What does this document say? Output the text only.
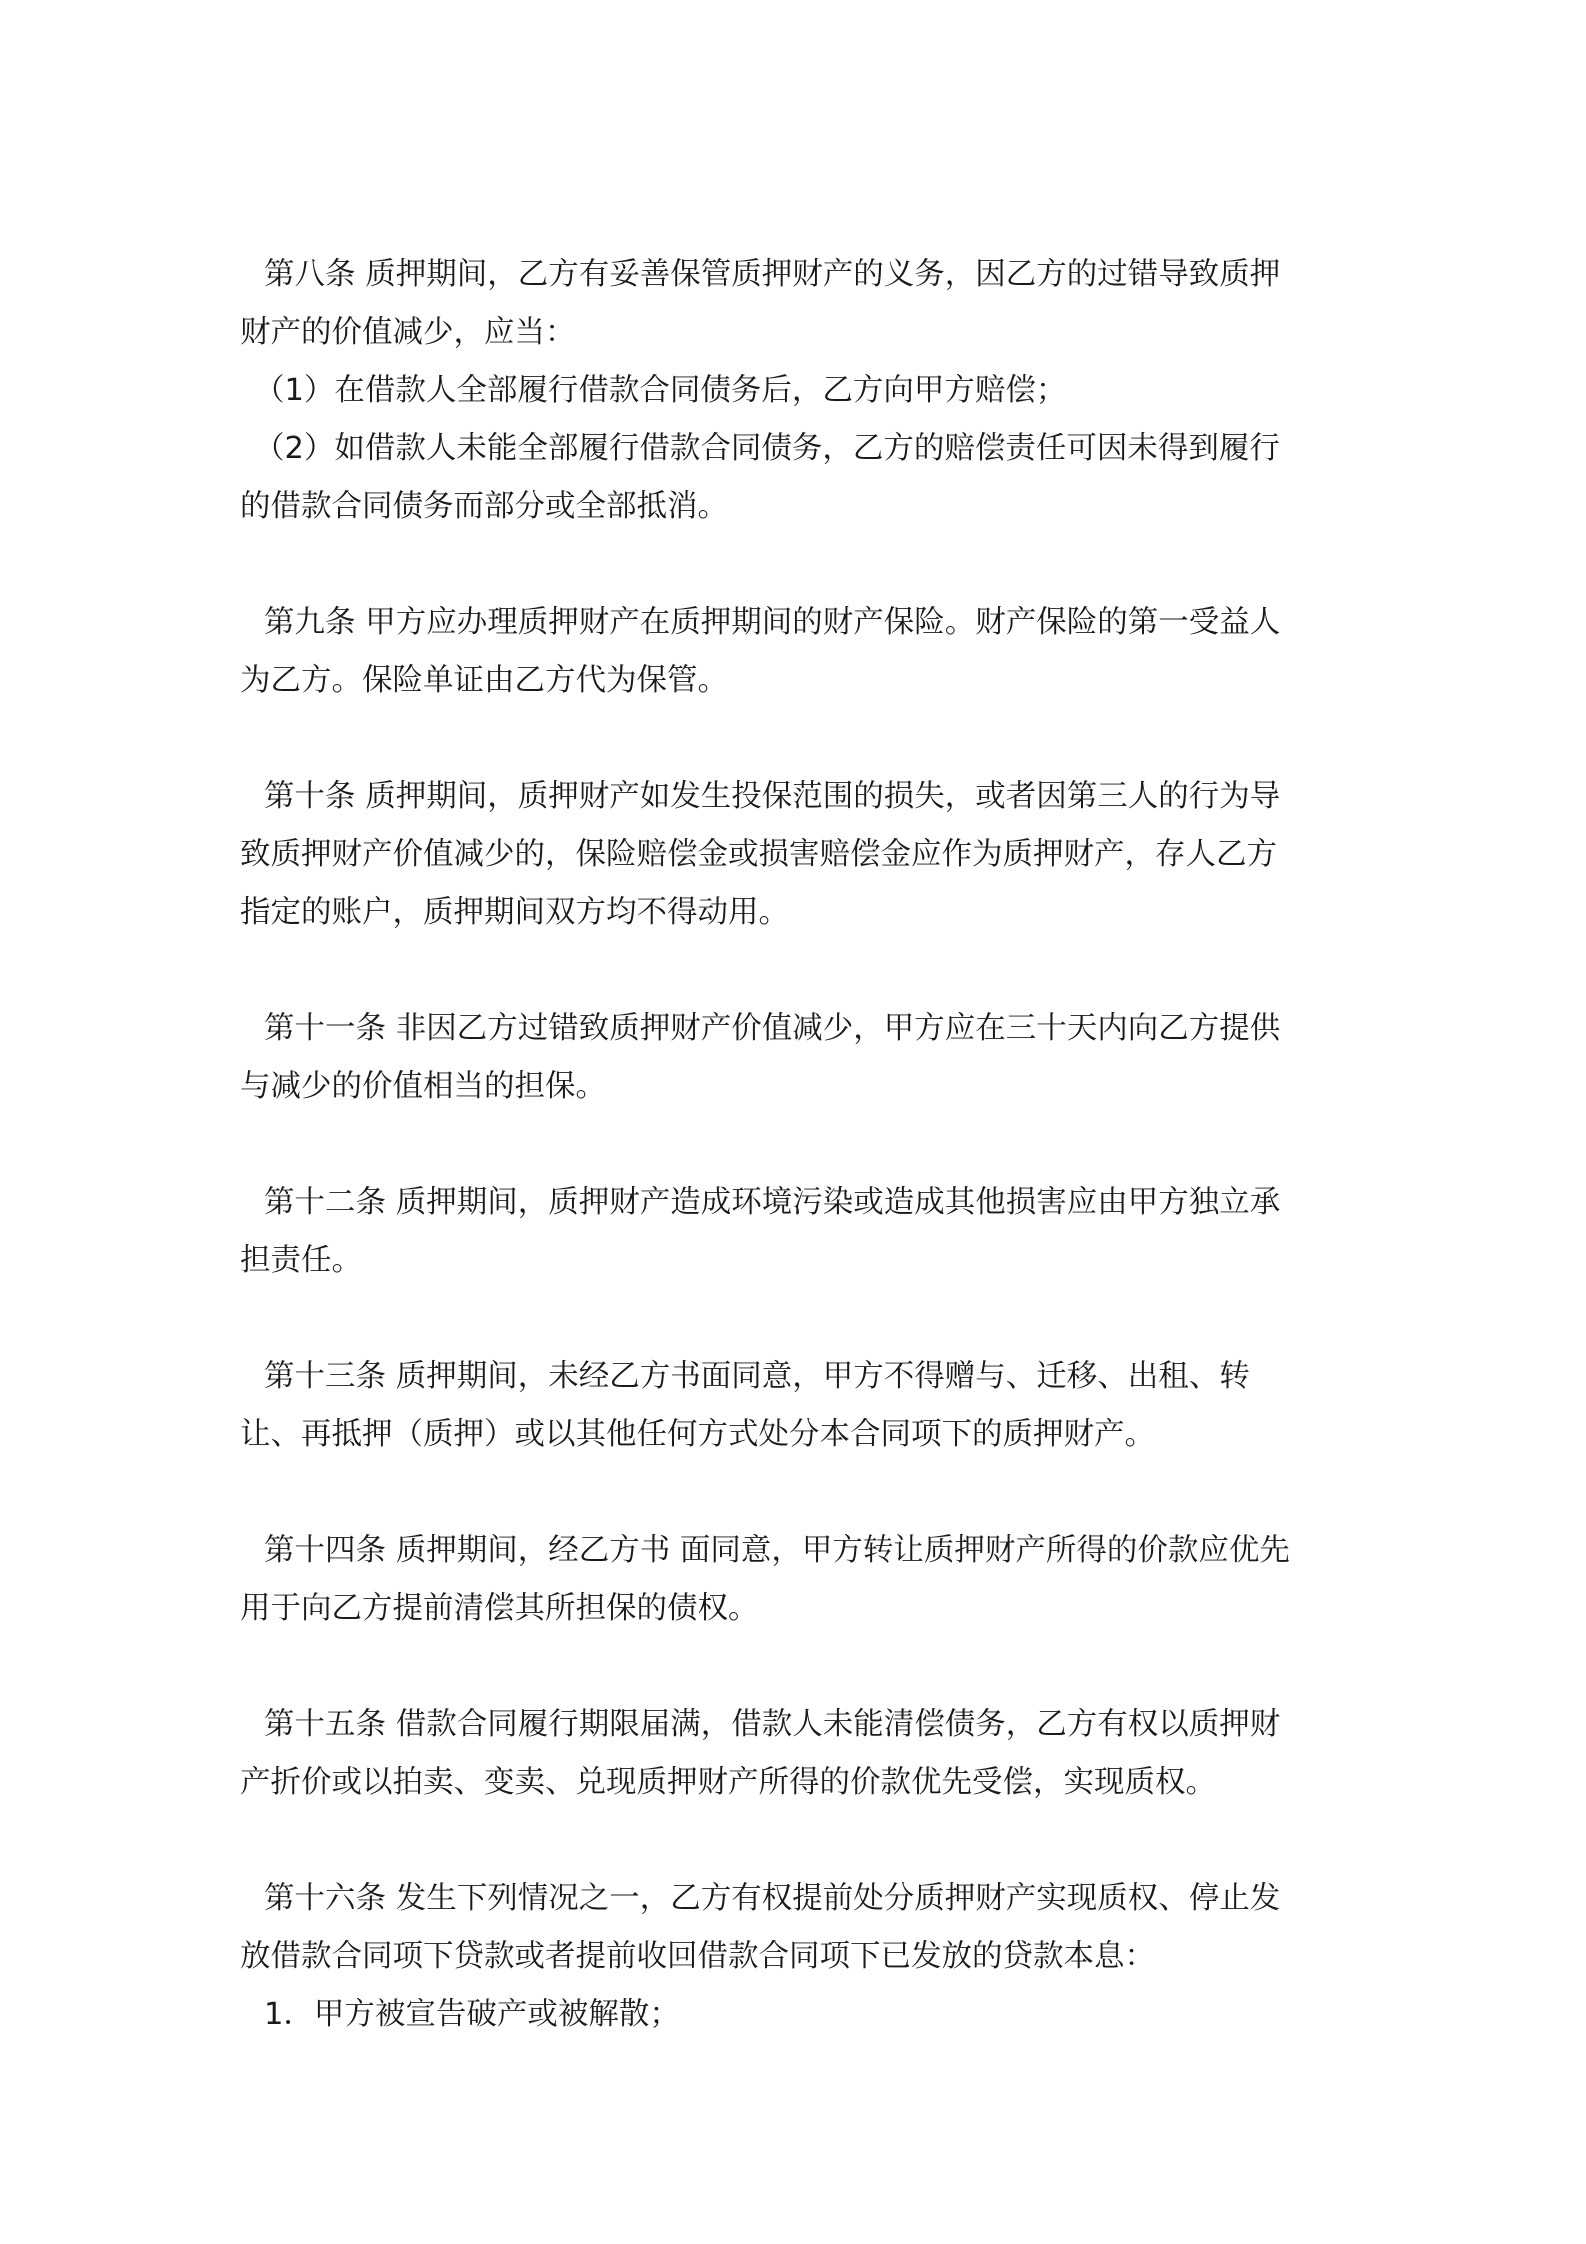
第八条 质押期间，乙方有妥善保管质押财产的义务，因乙方的过错导致质押
财产的价值减少，应当：
（1）在借款人全部履行借款合同债务后，乙方向甲方赔偿；
（2）如借款人未能全部履行借款合同债务，乙方的赔偿责任可因未得到履行
的借款合同债务而部分或全部抵消。
第九条 甲方应办理质押财产在质押期间的财产保险。财产保险的第一受益人
为乙方。保险单证由乙方代为保管。
第十条 质押期间，质押财产如发生投保范围的损失，或者因第三人的行为导
致质押财产价值减少的，保险赔偿金或损害赔偿金应作为质押财产，存人乙方
指定的账户，质押期间双方均不得动用。
第十一条 非因乙方过错致质押财产价值减少，甲方应在三十天内向乙方提供
与减少的价值相当的担保。
第十二条 质押期间，质押财产造成环境污染或造成其他损害应由甲方独立承
担责任。
第十三条 质押期间，未经乙方书面同意，甲方不得赠与、迁移、出租、转
让、再抵押（质押）或以其他任何方式处分本合同项下的质押财产。
第十四条 质押期间，经乙方书 面同意，甲方转让质押财产所得的价款应优先
用于向乙方提前清偿其所担保的债权。
第十五条 借款合同履行期限届满，借款人未能清偿债务，乙方有权以质押财
产折价或以拍卖、变卖、兑现质押财产所得的价款优先受偿，实现质权。
第十六条 发生下列情况之一，乙方有权提前处分质押财产实现质权、停止发
放借款合同项下贷款或者提前收回借款合同项下已发放的贷款本息：
1．甲方被宣告破产或被解散；
